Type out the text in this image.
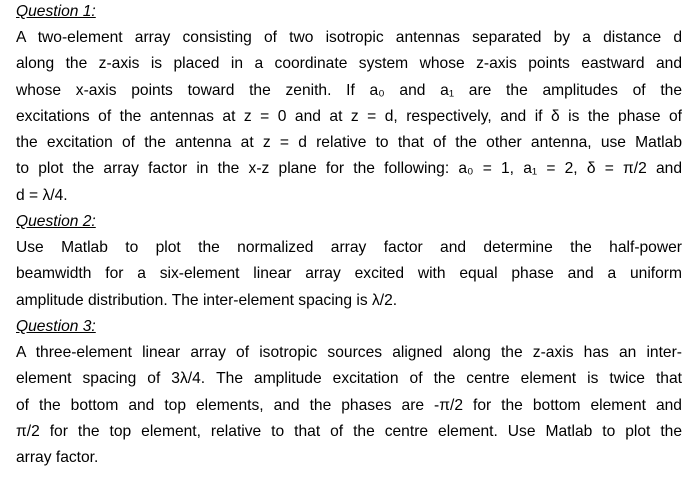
Question 1:
A two-element array consisting of two isotropic antennas separated by a distance d
along the z-axis is placed in a coordinate system whose z-axis points eastward and
whose x-axis points toward the zenith. If a₀ and a₁ are the amplitudes of the
excitations of the antennas at z = 0 and at z = d, respectively, and if δ is the phase of
the excitation of the antenna at z = d relative to that of the other antenna, use Matlab
to plot the array factor in the x-z plane for the following: a₀ = 1, a₁ = 2, δ = π/2 and
d = λ/4.
Question 2:
Use Matlab to plot the normalized array factor and determine the half-power
beamwidth for a six-element linear array excited with equal phase and a uniform
amplitude distribution. The inter-element spacing is λ/2.
Question 3:
A three-element linear array of isotropic sources aligned along the z-axis has an inter-
element spacing of 3λ/4. The amplitude excitation of the centre element is twice that
of the bottom and top elements, and the phases are -π/2 for the bottom element and
π/2 for the top element, relative to that of the centre element. Use Matlab to plot the
array factor.
